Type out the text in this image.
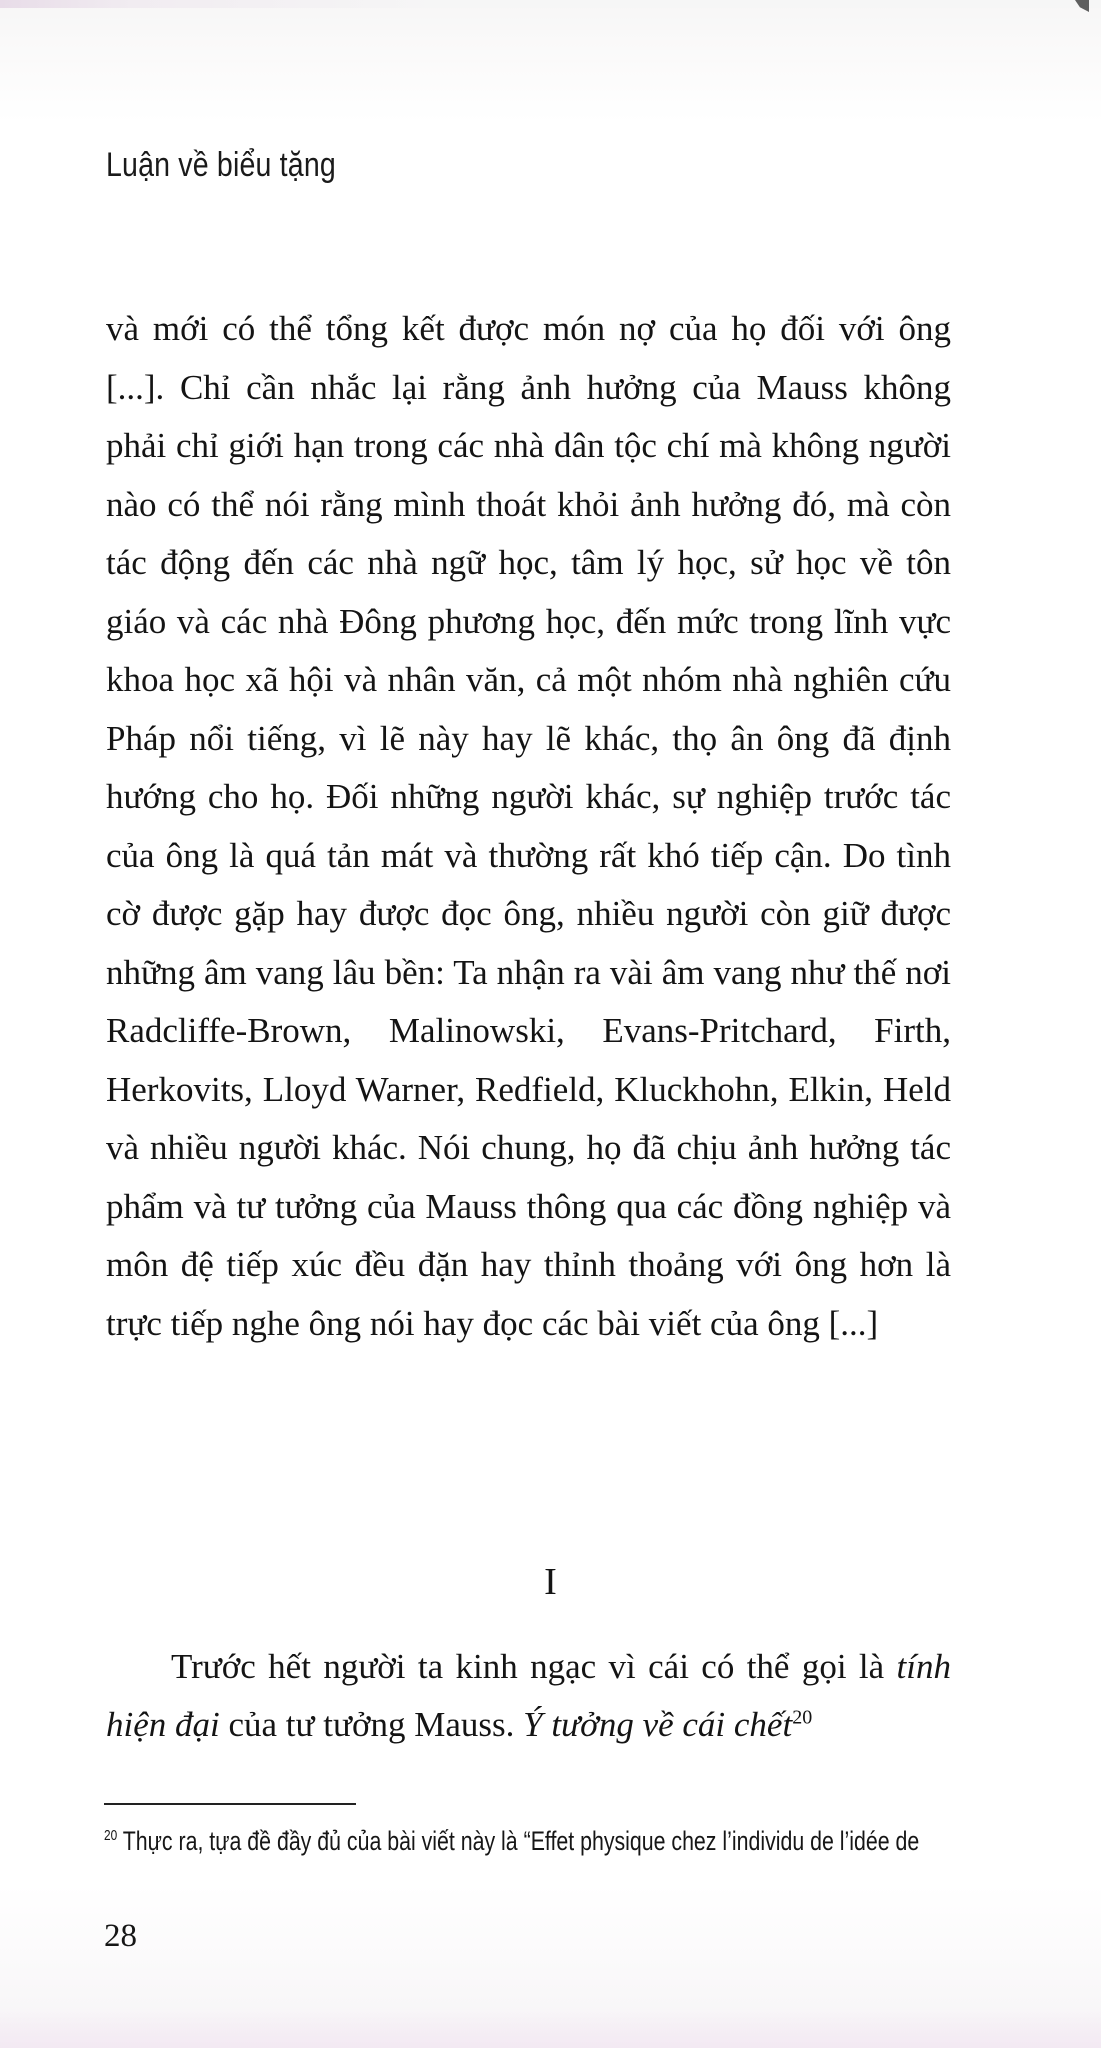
Luận về biểu tặng

và mới có thể tổng kết được món nợ của họ đối với ông [...]. Chỉ cần nhắc lại rằng ảnh hưởng của Mauss không phải chỉ giới hạn trong các nhà dân tộc chí mà không người nào có thể nói rằng mình thoát khỏi ảnh hưởng đó, mà còn tác động đến các nhà ngữ học, tâm lý học, sử học về tôn giáo và các nhà Đông phương học, đến mức trong lĩnh vực khoa học xã hội và nhân văn, cả một nhóm nhà nghiên cứu Pháp nổi tiếng, vì lẽ này hay lẽ khác, thọ ân ông đã định hướng cho họ. Đối những người khác, sự nghiệp trước tác của ông là quá tản mát và thường rất khó tiếp cận. Do tình cờ được gặp hay được đọc ông, nhiều người còn giữ được những âm vang lâu bền: Ta nhận ra vài âm vang như thế nơi Radcliffe-Brown, Malinowski, Evans-Pritchard, Firth, Herkovits, Lloyd Warner, Redfield, Kluckhohn, Elkin, Held và nhiều người khác. Nói chung, họ đã chịu ảnh hưởng tác phẩm và tư tưởng của Mauss thông qua các đồng nghiệp và môn đệ tiếp xúc đều đặn hay thỉnh thoảng với ông hơn là trực tiếp nghe ông nói hay đọc các bài viết của ông [...]

I

Trước hết người ta kinh ngạc vì cái có thể gọi là tính hiện đại của tư tưởng Mauss. Ý tưởng về cái chết$^{20}$

$^{20}$ Thực ra, tựa đề đầy đủ của bài viết này là “Effet physique chez l’individu de l’idée de
28
